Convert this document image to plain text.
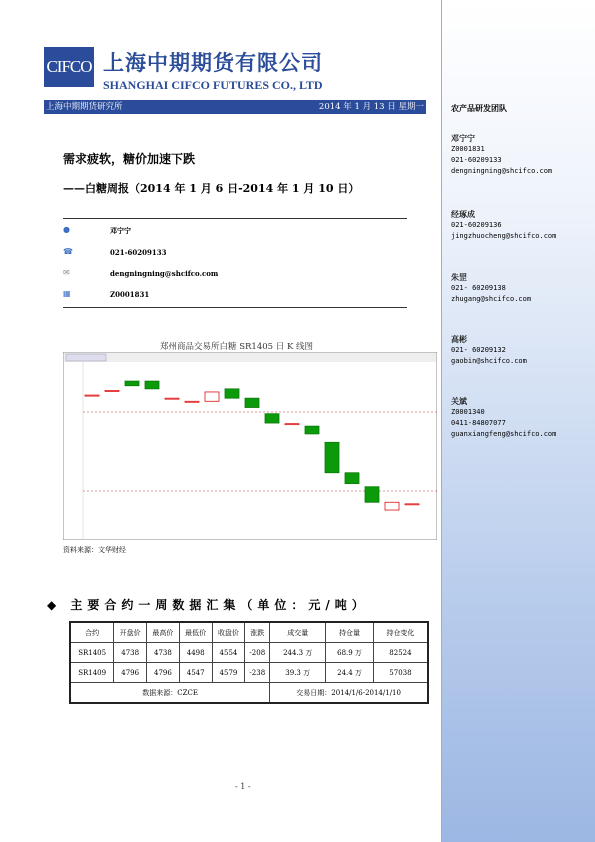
农产品研发团队
邓宁宁
Z0001831
021-60209133
dengningning@shcifco.com
经琢成
021-60209136
jingzhuocheng@shcifco.com
朱罡
021- 60209138
zhugang@shcifco.com
高彬
021- 60209132
gaobin@shcifco.com
关斌
Z0001340
0411-84807077
guanxiangfeng@shcifco.com
CIFCO 上海中期期货有限公司
SHANGHAI CIFCO FUTURES CO., LTD
上海中期期货研究所	2014 年 1 月 13 日 星期一
需求疲软，糖价加速下跌
——白糖周报（2014 年 1 月 6 日-2014 年 1 月 10 日）
●	邓宁宁
☎	021-60209133
✉	dengningning@shcifco.com
▦	Z0001831
郑州商品交易所白糖 SR1405 日 K 线图
资料来源：文华财经
◆ 主要合约一周数据汇集（单位：元/吨）
合约	开盘价	最高价	最低价	收盘价	涨跌	成交量	持仓量	持仓变化
SR1405	4738	4738	4498	4554	-208	244.3 万	68.9 万	82524
SR1409	4796	4796	4547	4579	-238	39.3 万	24.4 万	57038
数据来源：CZCE						交易日期：2014/1/6-2014/1/10		
- 1 -
